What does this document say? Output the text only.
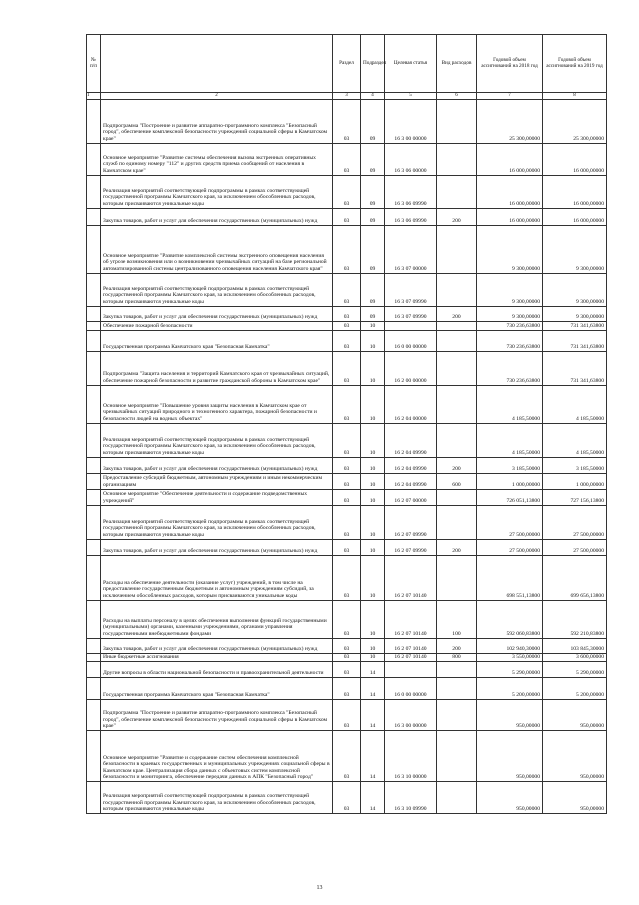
№ п/п		Раздел	Подраздел	Целевая статья	Вид расходов	Годовой объем ассигнований на 2018 год	Годовой объем ассигнований на 2019 год
1	2	3	4	5	6	7	8
	Подпрограмма "Построение и развитие аппаратно-программного комплекса "Безопасный город", обеспечение комплексной безопасности учреждений социальной сферы в Камчатском крае"	03	09	16 3 00 00000		25 300,00000	25 300,00000
	Основное мероприятие "Развитие системы обеспечения вызова экстренных оперативных служб по единому номеру "112" и других средств приема сообщений от населения в Камчатском крае"	03	09	16 3 06 00000		16 000,00000	16 000,00000
	Реализация мероприятий соответствующей подпрограммы в рамках соответствующей государственной программы Камчатского края, за исключением обособленных расходов, которым присваиваются уникальные коды	03	09	16 3 06 09990		16 000,00000	16 000,00000
	Закупка товаров, работ и услуг для обеспечения государственных (муниципальных) нужд	03	09	16 3 06 09990	200	16 000,00000	16 000,00000
	Основное мероприятие "Развитие комплексной системы экстренного оповещения населения об угрозе возникновения или о возникновении чрезвычайных ситуаций на базе региональной автоматизированной системы централизованного оповещения населения Камчатского края"	03	09	16 3 07 00000		9 300,00000	9 300,00000
	Реализация мероприятий соответствующей подпрограммы в рамках соответствующей государственной программы Камчатского края, за исключением обособленных расходов, которым присваиваются уникальные коды	03	09	16 3 07 09990		9 300,00000	9 300,00000
	Закупка товаров, работ и услуг для обеспечения государственных (муниципальных) нужд	03	09	16 3 07 09990	200	9 300,00000	9 300,00000
	Обеспечение пожарной безопасности	03	10			730 236,63800	731 341,63800
	Государственная программа Камчатского края "Безопасная Камчатка"	03	10	16 0 00 00000		730 236,63800	731 341,63800
	Подпрограмма "Защита населения и территорий Камчатского края от чрезвычайных ситуаций, обеспечение пожарной безопасности и развитие гражданской обороны в Камчатском крае"	03	10	16 2 00 00000		730 236,63800	731 341,63800
	Основное мероприятие "Повышение уровня защиты населения в Камчатском крае от чрезвычайных ситуаций природного и техногенного характера, пожарной безопасности и безопасности людей на водных объектах"	03	10	16 2 04 00000		4 185,50000	4 185,50000
	Реализация мероприятий соответствующей подпрограммы в рамках соответствующей государственной программы Камчатского края, за исключением обособленных расходов, которым присваиваются уникальные коды	03	10	16 2 04 09990		4 185,50000	4 185,50000
	Закупка товаров, работ и услуг для обеспечения государственных (муниципальных) нужд	03	10	16 2 04 09990	200	3 185,50000	3 185,50000
	Предоставление субсидий бюджетным, автономным учреждениям и иным некоммерческим организациям	03	10	16 2 04 09990	600	1 000,00000	1 000,00000
	Основное мероприятие "Обеспечение деятельности и содержание подведомственных учреждений"	03	10	16 2 07 00000		726 051,13800	727 156,13800
	Реализация мероприятий соответствующей подпрограммы в рамках соответствующей государственной программы Камчатского края, за исключением обособленных расходов, которым присваиваются уникальные коды	03	10	16 2 07 09990		27 500,00000	27 500,00000
	Закупка товаров, работ и услуг для обеспечения государственных (муниципальных) нужд	03	10	16 2 07 09990	200	27 500,00000	27 500,00000
	Расходы на обеспечение деятельности (оказание услуг) учреждений, в том числе на предоставление государственным бюджетным и автономным учреждениям субсидий, за исключением обособленных расходов, которым присваиваются уникальные коды	03	10	16 2 07 10140		698 551,13800	699 656,13800
	Расходы на выплаты персоналу в целях обеспечения выполнения функций государственными (муниципальными) органами, казенными учреждениями, органами управления государственными внебюджетными фондами	03	10	16 2 07 10140	100	592 060,83800	592 210,83800
	Закупка товаров, работ и услуг для обеспечения государственных (муниципальных) нужд	03	10	16 2 07 10140	200	102 940,30000	103 845,30000
	Иные бюджетные ассигнования	03	10	16 2 07 10140	800	3 550,00000	3 600,00000
	Другие вопросы в области национальной безопасности и правоохранительной деятельности	03	14			5 290,00000	5 290,00000
	Государственная программа Камчатского края "Безопасная Камчатка"	03	14	16 0 00 00000		5 200,00000	5 200,00000
	Подпрограмма "Построение и развитие аппаратно-программного комплекса "Безопасный город", обеспечение комплексной безопасности учреждений социальной сферы в Камчатском крае"	03	14	16 3 00 00000		950,00000	950,00000
	Основное мероприятие "Развитие и содержание систем обеспечения комплексной безопасности в краевых государственных и муниципальных учреждениях социальной сферы в Камчатском крае. Централизация сбора данных с объектовых систем комплексной безопасности и мониторинга, обеспечение передачи данных в АПК "Безопасный город"	03	14	16 3 10 00000		950,00000	950,00000
	Реализация мероприятий соответствующей подпрограммы в рамках соответствующей государственной программы Камчатского края, за исключением обособленных расходов, которым присваиваются уникальные коды	03	14	16 3 10 09990		950,00000	950,00000
13
